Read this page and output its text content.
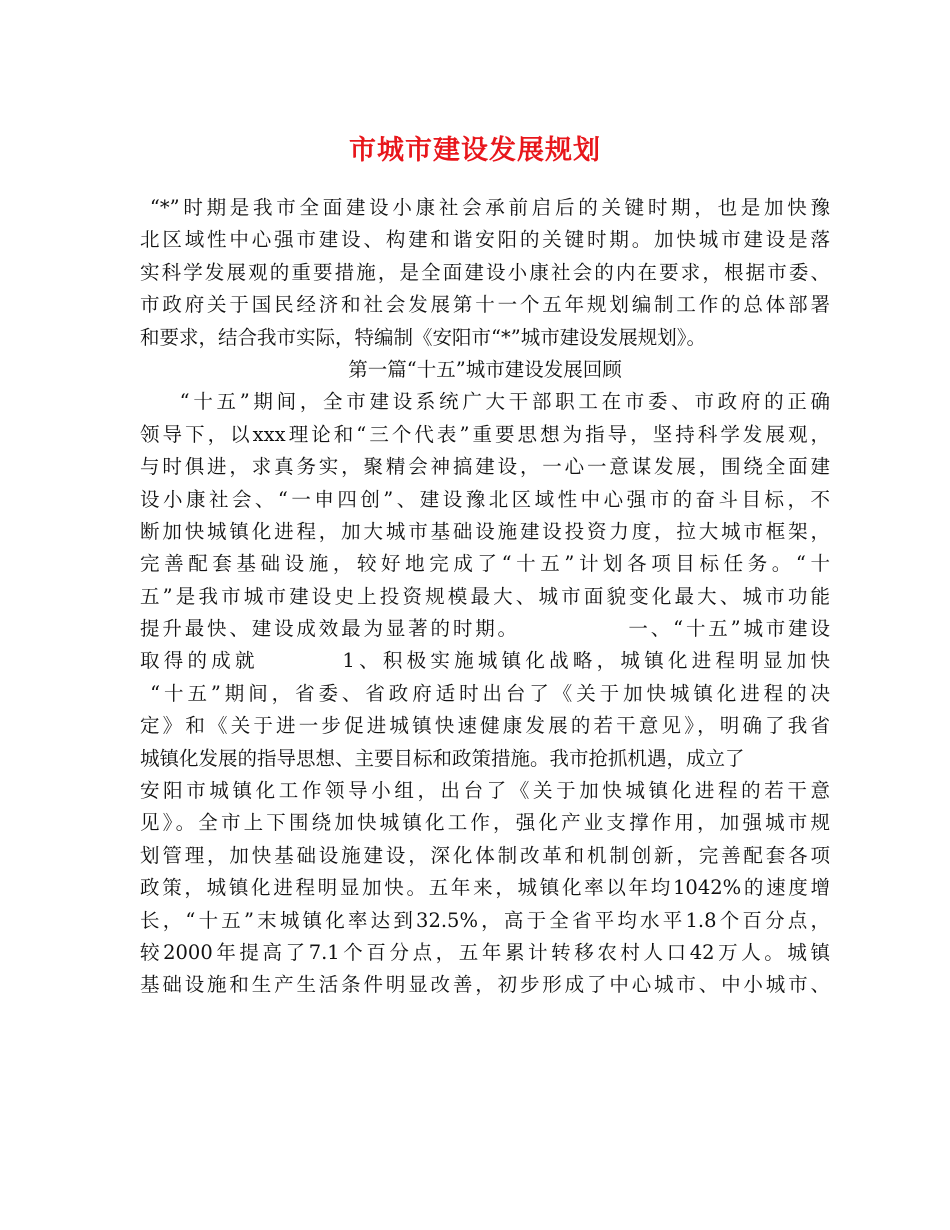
市城市建设发展规划
“*”时期是我市全面建设小康社会承前启后的关键时期，也是加快豫
北区域性中心强市建设、构建和谐安阳的关键时期。加快城市建设是落
实科学发展观的重要措施，是全面建设小康社会的内在要求，根据市委、
市政府关于国民经济和社会发展第十一个五年规划编制工作的总体部署
和要求，结合我市实际，特编制《安阳市“*”城市建设发展规划》。
第一篇“十五”城市建设发展回顾
“十五”期间，全市建设系统广大干部职工在市委、市政府的正确
领导下，以xxx理论和“三个代表”重要思想为指导，坚持科学发展观，
与时俱进，求真务实，聚精会神搞建设，一心一意谋发展，围绕全面建
设小康社会、“一申四创”、建设豫北区域性中心强市的奋斗目标，不
断加快城镇化进程，加大城市基础设施建设投资力度，拉大城市框架，
完善配套基础设施，较好地完成了“十五”计划各项目标任务。“十
五”是我市城市建设史上投资规模最大、城市面貌变化最大、城市功能
提升最快、建设成效最为显著的时期。            一、“十五”城市建设
取得的成就        1、积极实施城镇化战略，城镇化进程明显加快
“十五”期间，省委、省政府适时出台了《关于加快城镇化进程的决
定》和《关于进一步促进城镇快速健康发展的若干意见》，明确了我省
城镇化发展的指导思想、主要目标和政策措施。我市抢抓机遇，成立了
安阳市城镇化工作领导小组，出台了《关于加快城镇化进程的若干意
见》。全市上下围绕加快城镇化工作，强化产业支撑作用，加强城市规
划管理，加快基础设施建设，深化体制改革和机制创新，完善配套各项
政策，城镇化进程明显加快。五年来，城镇化率以年均1042%的速度增
长，“十五”末城镇化率达到32.5%，高于全省平均水平1.8个百分点，
较2000年提高了7.1个百分点，五年累计转移农村人口42万人。城镇
基础设施和生产生活条件明显改善，初步形成了中心城市、中小城市、
